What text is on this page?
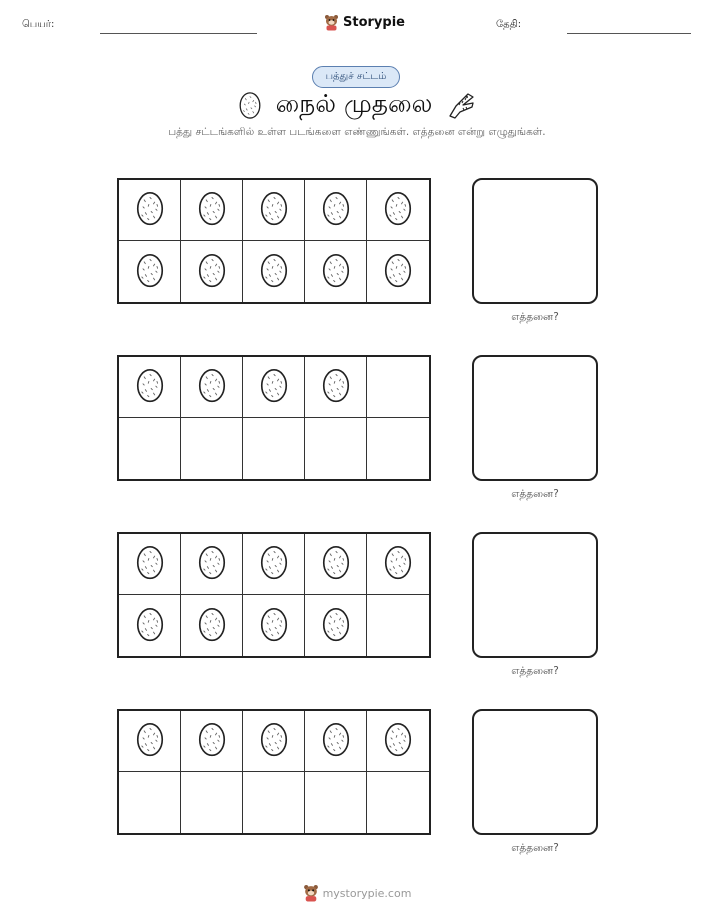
பெயர்:	Storypie	தேதி:
பத்துச் சட்டம்
நைல் முதலை
பத்து சட்டங்களில் உள்ள படங்களை எண்ணுங்கள். எத்தனை என்று எழுதுங்கள்.
எத்தனை?
எத்தனை?
எத்தனை?
எத்தனை?
mystorypie.com
